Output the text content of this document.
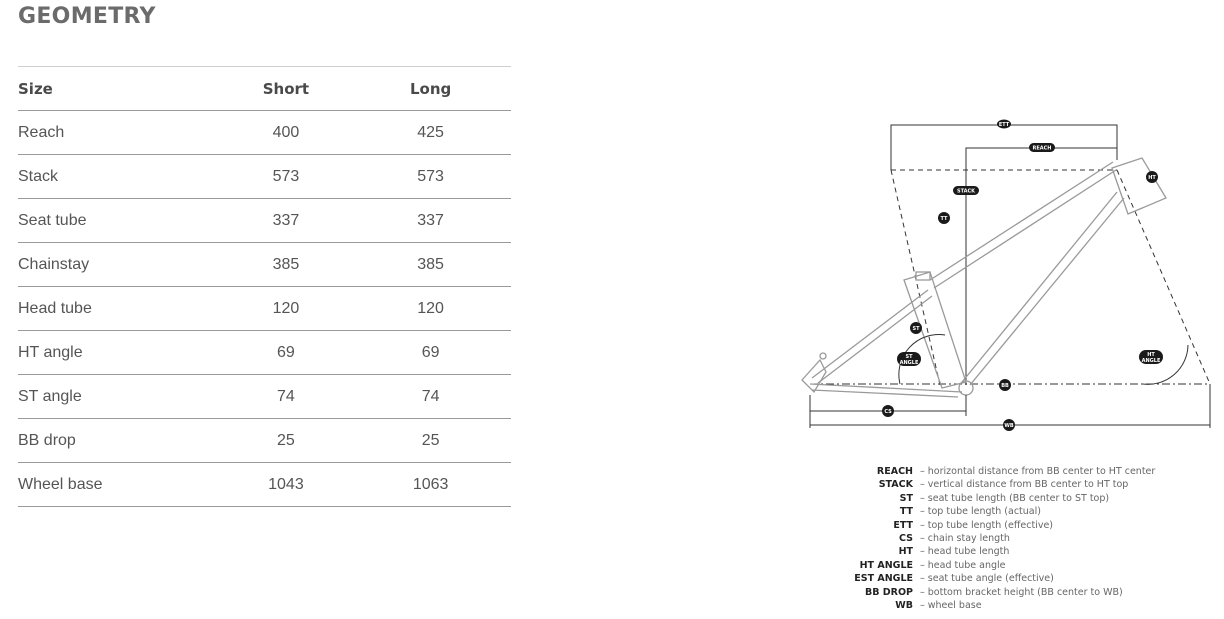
GEOMETRY
Size	Short	Long
Reach	400	425
Stack	573	573
Seat tube	337	337
Chainstay	385	385
Head tube	120	120
HT angle	69	69
ST angle	74	74
BB drop	25	25
Wheel base	1043	1063
ETT
REACH
STACK
TT
HT
ST
ST
ANGLE
HT
ANGLE
BB
CS
WB
REACH – horizontal distance from BB center to HT center
STACK – vertical distance from BB center to HT top
ST – seat tube length (BB center to ST top)
TT – top tube length (actual)
ETT – top tube length (effective)
CS – chain stay length
HT – head tube length
HT ANGLE – head tube angle
EST ANGLE – seat tube angle (effective)
BB DROP – bottom bracket height (BB center to WB)
WB – wheel base
